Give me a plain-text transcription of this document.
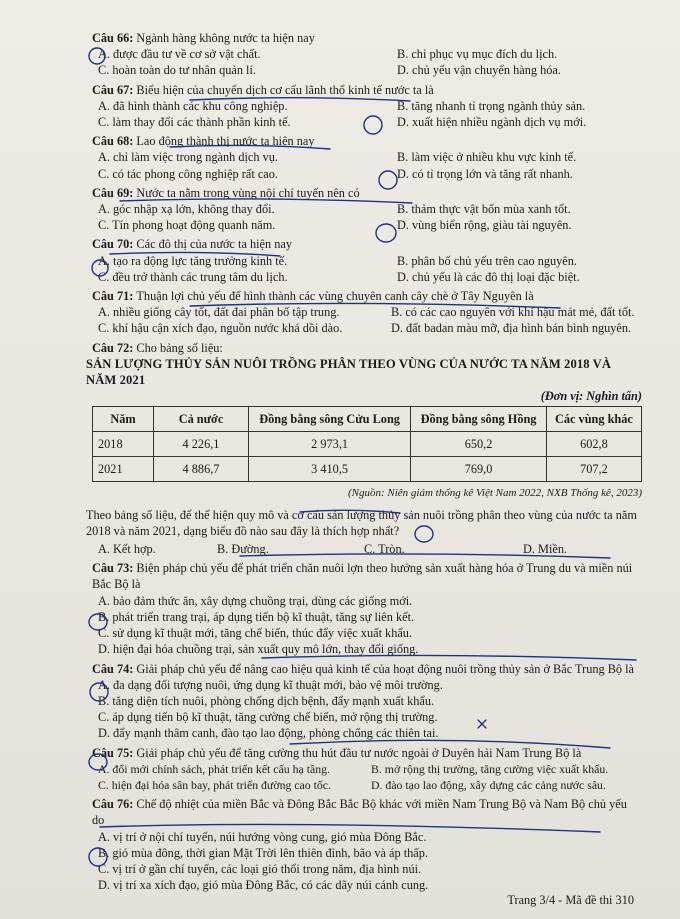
Câu 66: Ngành hàng không nước ta hiện nay
A. được đầu tư về cơ sở vật chất.	B. chỉ phục vụ mục đích du lịch.
C. hoàn toàn do tư nhân quản lí.	D. chủ yếu vận chuyển hàng hóa.
Câu 67: Biểu hiện của chuyển dịch cơ cấu lãnh thổ kinh tế nước ta là
A. đã hình thành các khu công nghiệp.	B. tăng nhanh tỉ trọng ngành thủy sản.
C. làm thay đổi các thành phần kinh tế.	D. xuất hiện nhiều ngành dịch vụ mới.
Câu 68: Lao động thành thị nước ta hiện nay
A. chỉ làm việc trong ngành dịch vụ.	B. làm việc ở nhiều khu vực kinh tế.
C. có tác phong công nghiệp rất cao.	D. có tỉ trọng lớn và tăng rất nhanh.
Câu 69: Nước ta nằm trong vùng nội chí tuyến nên có
A. góc nhập xạ lớn, không thay đổi.	B. thảm thực vật bốn mùa xanh tốt.
C. Tín phong hoạt động quanh năm.	D. vùng biển rộng, giàu tài nguyên.
Câu 70: Các đô thị của nước ta hiện nay
A. tạo ra động lực tăng trưởng kinh tế.	B. phân bố chủ yếu trên cao nguyên.
C. đều trở thành các trung tâm du lịch.	D. chủ yếu là các đô thị loại đặc biệt.
Câu 71: Thuận lợi chủ yếu để hình thành các vùng chuyên canh cây chè ở Tây Nguyên là
A. nhiều giống cây tốt, đất đai phân bố tập trung.	B. có các cao nguyên với khí hậu mát mẻ, đất tốt.
C. khí hậu cận xích đạo, nguồn nước khá dồi dào.	D. đất badan màu mỡ, địa hình bán bình nguyên.
Câu 72: Cho bảng số liệu:
SẢN LƯỢNG THỦY SẢN NUÔI TRỒNG PHÂN THEO VÙNG CỦA NƯỚC TA NĂM 2018 VÀ NĂM 2021
(Đơn vị: Nghìn tấn)
Năm	Cả nước	Đồng bằng sông Cửu Long	Đồng bằng sông Hồng	Các vùng khác
2018	4 226,1	2 973,1	650,2	602,8
2021	4 886,7	3 410,5	769,0	707,2
(Nguồn: Niên giám thống kê Việt Nam 2022, NXB Thống kê, 2023)
Theo bảng số liệu, để thể hiện quy mô và cơ cấu sản lượng thủy sản nuôi trồng phân theo vùng của nước ta năm 2018 và năm 2021, dạng biểu đồ nào sau đây là thích hợp nhất?
A. Kết hợp.	B. Đường.	C. Tròn.	D. Miền.
Câu 73: Biện pháp chủ yếu để phát triển chăn nuôi lợn theo hướng sản xuất hàng hóa ở Trung du và miền núi Bắc Bộ là
A. bảo đảm thức ăn, xây dựng chuồng trại, dùng các giống mới.
B. phát triển trang trại, áp dụng tiến bộ kĩ thuật, tăng sự liên kết.
C. sử dụng kĩ thuật mới, tăng chế biến, thúc đẩy việc xuất khẩu.
D. hiện đại hóa chuồng trại, sản xuất quy mô lớn, thay đổi giống.
Câu 74: Giải pháp chủ yếu để nâng cao hiệu quả kinh tế của hoạt động nuôi trồng thủy sản ở Bắc Trung Bộ là
A. đa dạng đối tượng nuôi, ứng dụng kĩ thuật mới, bảo vệ môi trường.
B. tăng diện tích nuôi, phòng chống dịch bệnh, đẩy mạnh xuất khẩu.
C. áp dụng tiến bộ kĩ thuật, tăng cường chế biến, mở rộng thị trường.
D. đẩy mạnh thâm canh, đào tạo lao động, phòng chống các thiên tai.
Câu 75: Giải pháp chủ yếu để tăng cường thu hút đầu tư nước ngoài ở Duyên hải Nam Trung Bộ là
A. đổi mới chính sách, phát triển kết cấu hạ tầng.	B. mở rộng thị trường, tăng cường việc xuất khẩu.
C. hiện đại hóa sân bay, phát triển đường cao tốc.	D. đào tạo lao động, xây dựng các cảng nước sâu.
Câu 76: Chế độ nhiệt của miền Bắc và Đông Bắc Bắc Bộ khác với miền Nam Trung Bộ và Nam Bộ chủ yếu do
A. vị trí ở nội chí tuyến, núi hướng vòng cung, gió mùa Đông Bắc.
B. gió mùa đông, thời gian Mặt Trời lên thiên đỉnh, bão và áp thấp.
C. vị trí ở gần chí tuyến, các loại gió thổi trong năm, địa hình núi.
D. vị trí xa xích đạo, gió mùa Đông Bắc, có các dãy núi cánh cung.
Trang 3/4 - Mã đề thi 310
